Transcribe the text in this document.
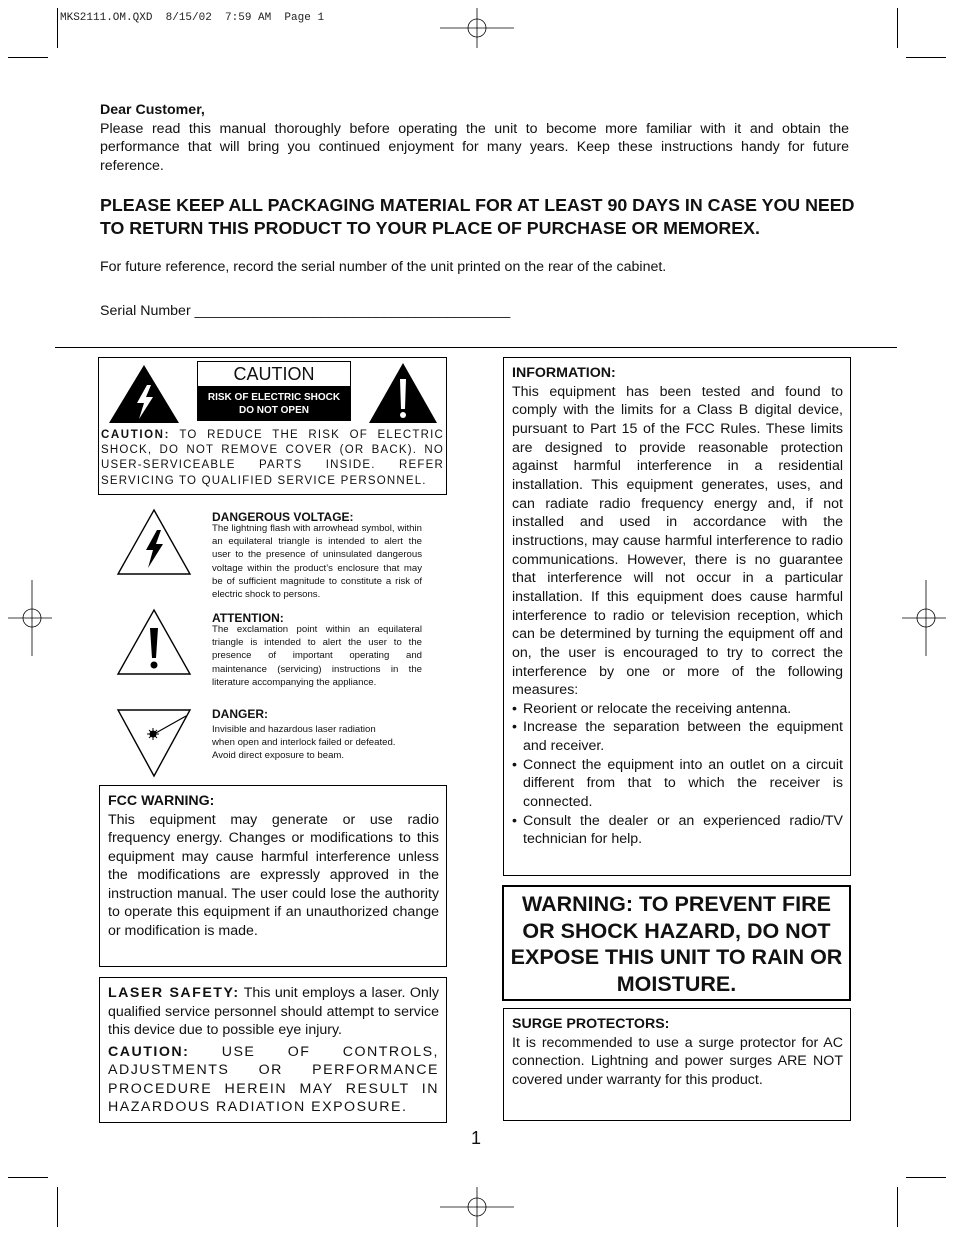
MKS2111.OM.QXD  8/15/02  7:59 AM  Page 1
Dear Customer,
Please read this manual thoroughly before operating the unit to become more familiar with it and obtain the performance that will bring you continued enjoyment for many years. Keep these instructions handy for future reference.
PLEASE KEEP ALL PACKAGING MATERIAL FOR AT LEAST 90 DAYS IN CASE YOU NEED TO RETURN THIS PRODUCT TO YOUR PLACE OF PURCHASE OR MEMOREX.
For future reference, record the serial number of the unit printed on the rear of the cabinet.
Serial Number ________________________________________
CAUTION
RISK OF ELECTRIC SHOCK
DO NOT OPEN
CAUTION: TO REDUCE THE RISK OF ELECTRIC SHOCK, DO NOT REMOVE COVER (OR BACK). NO USER-SERVICEABLE PARTS INSIDE. REFER SERVICING TO QUALIFIED SERVICE PERSONNEL.
DANGEROUS VOLTAGE:
The lightning flash with arrowhead symbol, within an equilateral triangle is intended to alert the user to the presence of uninsulated dangerous voltage within the product’s enclosure that may be of sufficient magnitude to constitute a risk of electric shock to persons.
ATTENTION:
The exclamation point within an equilateral triangle is intended to alert the user to the presence of important operating and maintenance (servicing) instructions in the literature accompanying the appliance.
DANGER:
Invisible and hazardous laser radiation
when open and interlock failed or defeated.
Avoid direct exposure to beam.
FCC WARNING:
This equipment may generate or use radio frequency energy. Changes or modifications to this equipment may cause harmful interference unless the modifications are expressly approved in the instruction manual. The user could lose the authority to operate this equipment if an unauthorized change or modification is made.
LASER SAFETY: This unit employs a laser. Only qualified service personnel should attempt to service this device due to possible eye injury.
CAUTION: USE OF CONTROLS, ADJUSTMENTS OR PERFORMANCE PROCEDURE HEREIN MAY RESULT IN HAZARDOUS RADIATION EXPOSURE.
INFORMATION:
This equipment has been tested and found to comply with the limits for a Class B digital device, pursuant to Part 15 of the FCC Rules. These limits are designed to provide reasonable protection against harmful interference in a residential installation. This equipment generates, uses, and can radiate radio frequency energy and, if not installed and used in accordance with the instructions, may cause harmful interference to radio communications. However, there is no guarantee that interference will not occur in a particular installation. If this equipment does cause harmful interference to radio or television reception, which can be determined by turning the equipment off and on, the user is encouraged to try to correct the interference by one or more of the following measures:
• Reorient or relocate the receiving antenna.
• Increase the separation between the equipment and receiver.
• Connect the equipment into an outlet on a circuit different from that to which the receiver is connected.
• Consult the dealer or an experienced radio/TV technician for help.
WARNING: TO PREVENT FIRE OR SHOCK HAZARD, DO NOT EXPOSE THIS UNIT TO RAIN OR MOISTURE.
SURGE PROTECTORS:
It is recommended to use a surge protector for AC connection. Lightning and power surges ARE NOT covered under warranty for this product.
1
